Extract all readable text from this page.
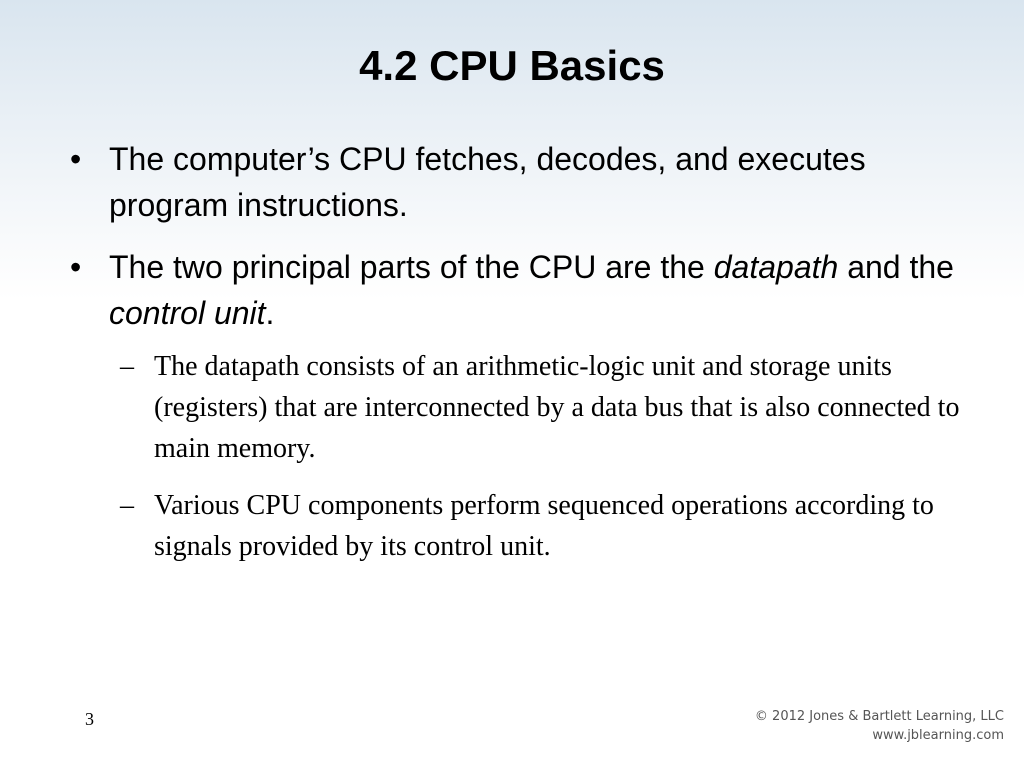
4.2 CPU Basics
• The computer’s CPU fetches, decodes, and executes program instructions.
• The two principal parts of the CPU are the datapath and the control unit.
– The datapath consists of an arithmetic-logic unit and storage units (registers) that are interconnected by a data bus that is also connected to main memory.
– Various CPU components perform sequenced operations according to signals provided by its control unit.

3	© 2012 Jones & Bartlett Learning, LLC
www.jblearning.com
